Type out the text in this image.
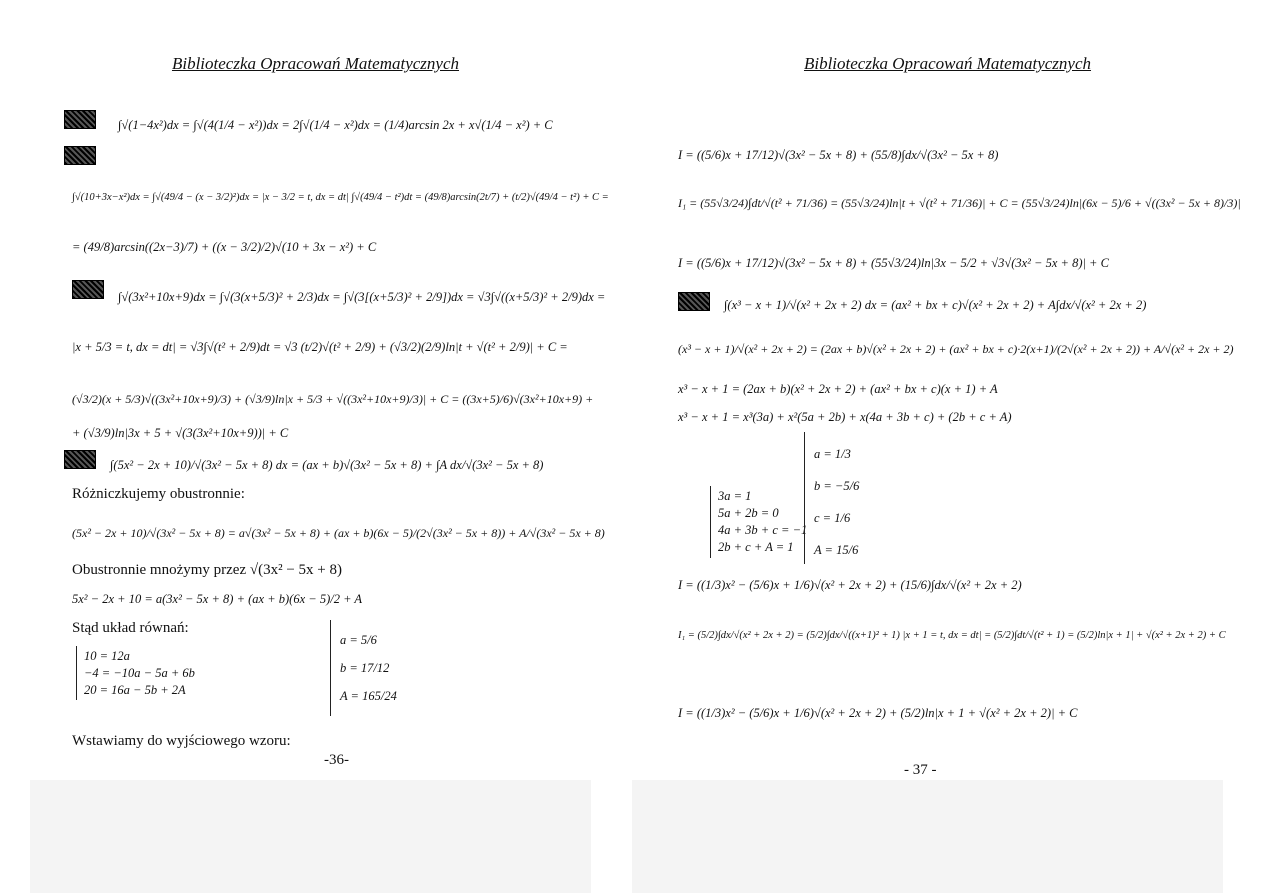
Biblioteczka Opracowań Matematycznych
∫√(1−4x²)dx = ∫√(4(1/4 − x²))dx = 2∫√(1/4 − x²)dx = (1/4)arcsin 2x + x√(1/4 − x²) + C
∫√(10+3x−x²)dx = ∫√(49/4 − (x − 3/2)²)dx = |x − 3/2 = t, dx = dt| ∫√(49/4 − t²)dt = (49/8)arcsin(2t/7) + (t/2)√(49/4 − t²) + C =
= (49/8)arcsin((2x−3)/7) + ((x − 3/2)/2)√(10 + 3x − x²) + C
∫√(3x²+10x+9)dx = ∫√(3(x+5/3)² + 2/3)dx = ∫√(3[(x+5/3)² + 2/9])dx = √3∫√((x+5/3)² + 2/9)dx =
|x + 5/3 = t, dx = dt| = √3∫√(t² + 2/9)dt = √3 (t/2)√(t² + 2/9) + (√3/2)(2/9)ln|t + √(t² + 2/9)| + C =
(√3/2)(x + 5/3)√((3x²+10x+9)/3) + (√3/9)ln|x + 5/3 + √((3x²+10x+9)/3)| + C = ((3x+5)/6)√(3x²+10x+9) +
+ (√3/9)ln|3x + 5 + √(3(3x²+10x+9))| + C
∫(5x² − 2x + 10)/√(3x² − 5x + 8) dx = (ax + b)√(3x² − 5x + 8) + ∫A dx/√(3x² − 5x + 8)
Różniczkujemy obustronnie:
(5x² − 2x + 10)/√(3x² − 5x + 8) = a√(3x² − 5x + 8) + (ax + b)(6x − 5)/(2√(3x² − 5x + 8)) + A/√(3x² − 5x + 8)
Obustronnie mnożymy przez √(3x² − 5x + 8)
5x² − 2x + 10 = a(3x² − 5x + 8) + (ax + b)(6x − 5)/2 + A
Stąd układ równań:
10 = 12a
−4 = −10a − 5a + 6b
20 = 16a − 5b + 2A
a = 5/6
b = 17/12
A = 165/24
Wstawiamy do wyjściowego wzoru:
-36-
Biblioteczka Opracowań Matematycznych
I = ((5/6)x + 17/12)√(3x² − 5x + 8) + (55/8)∫dx/√(3x² − 5x + 8)
I₁ = (55√3/24)∫dt/√(t² + 71/36) = (55√3/24)ln|t + √(t² + 71/36)| + C = (55√3/24)ln|(6x − 5)/6 + √((3x² − 5x + 8)/3)|
I = ((5/6)x + 17/12)√(3x² − 5x + 8) + (55√3/24)ln|3x − 5/2 + √3√(3x² − 5x + 8)| + C
∫(x³ − x + 1)/√(x² + 2x + 2) dx = (ax² + bx + c)√(x² + 2x + 2) + A∫dx/√(x² + 2x + 2)
(x³ − x + 1)/√(x² + 2x + 2) = (2ax + b)√(x² + 2x + 2) + (ax² + bx + c)·2(x+1)/(2√(x² + 2x + 2)) + A/√(x² + 2x + 2)
x³ − x + 1 = (2ax + b)(x² + 2x + 2) + (ax² + bx + c)(x + 1) + A
x³ − x + 1 = x³(3a) + x²(5a + 2b) + x(4a + 3b + c) + (2b + c + A)
3a = 1
5a + 2b = 0
4a + 3b + c = −1
2b + c + A = 1
a = 1/3
b = −5/6
c = 1/6
A = 15/6
I = ((1/3)x² − (5/6)x + 1/6)√(x² + 2x + 2) + (15/6)∫dx/√(x² + 2x + 2)
I₁ = (5/2)∫dx/√(x² + 2x + 2) = (5/2)∫dx/√((x+1)² + 1) |x + 1 = t, dx = dt| = (5/2)∫dt/√(t² + 1) = (5/2)ln|x + 1| + √(x² + 2x + 2) + C
I = ((1/3)x² − (5/6)x + 1/6)√(x² + 2x + 2) + (5/2)ln|x + 1 + √(x² + 2x + 2)| + C
- 37 -
